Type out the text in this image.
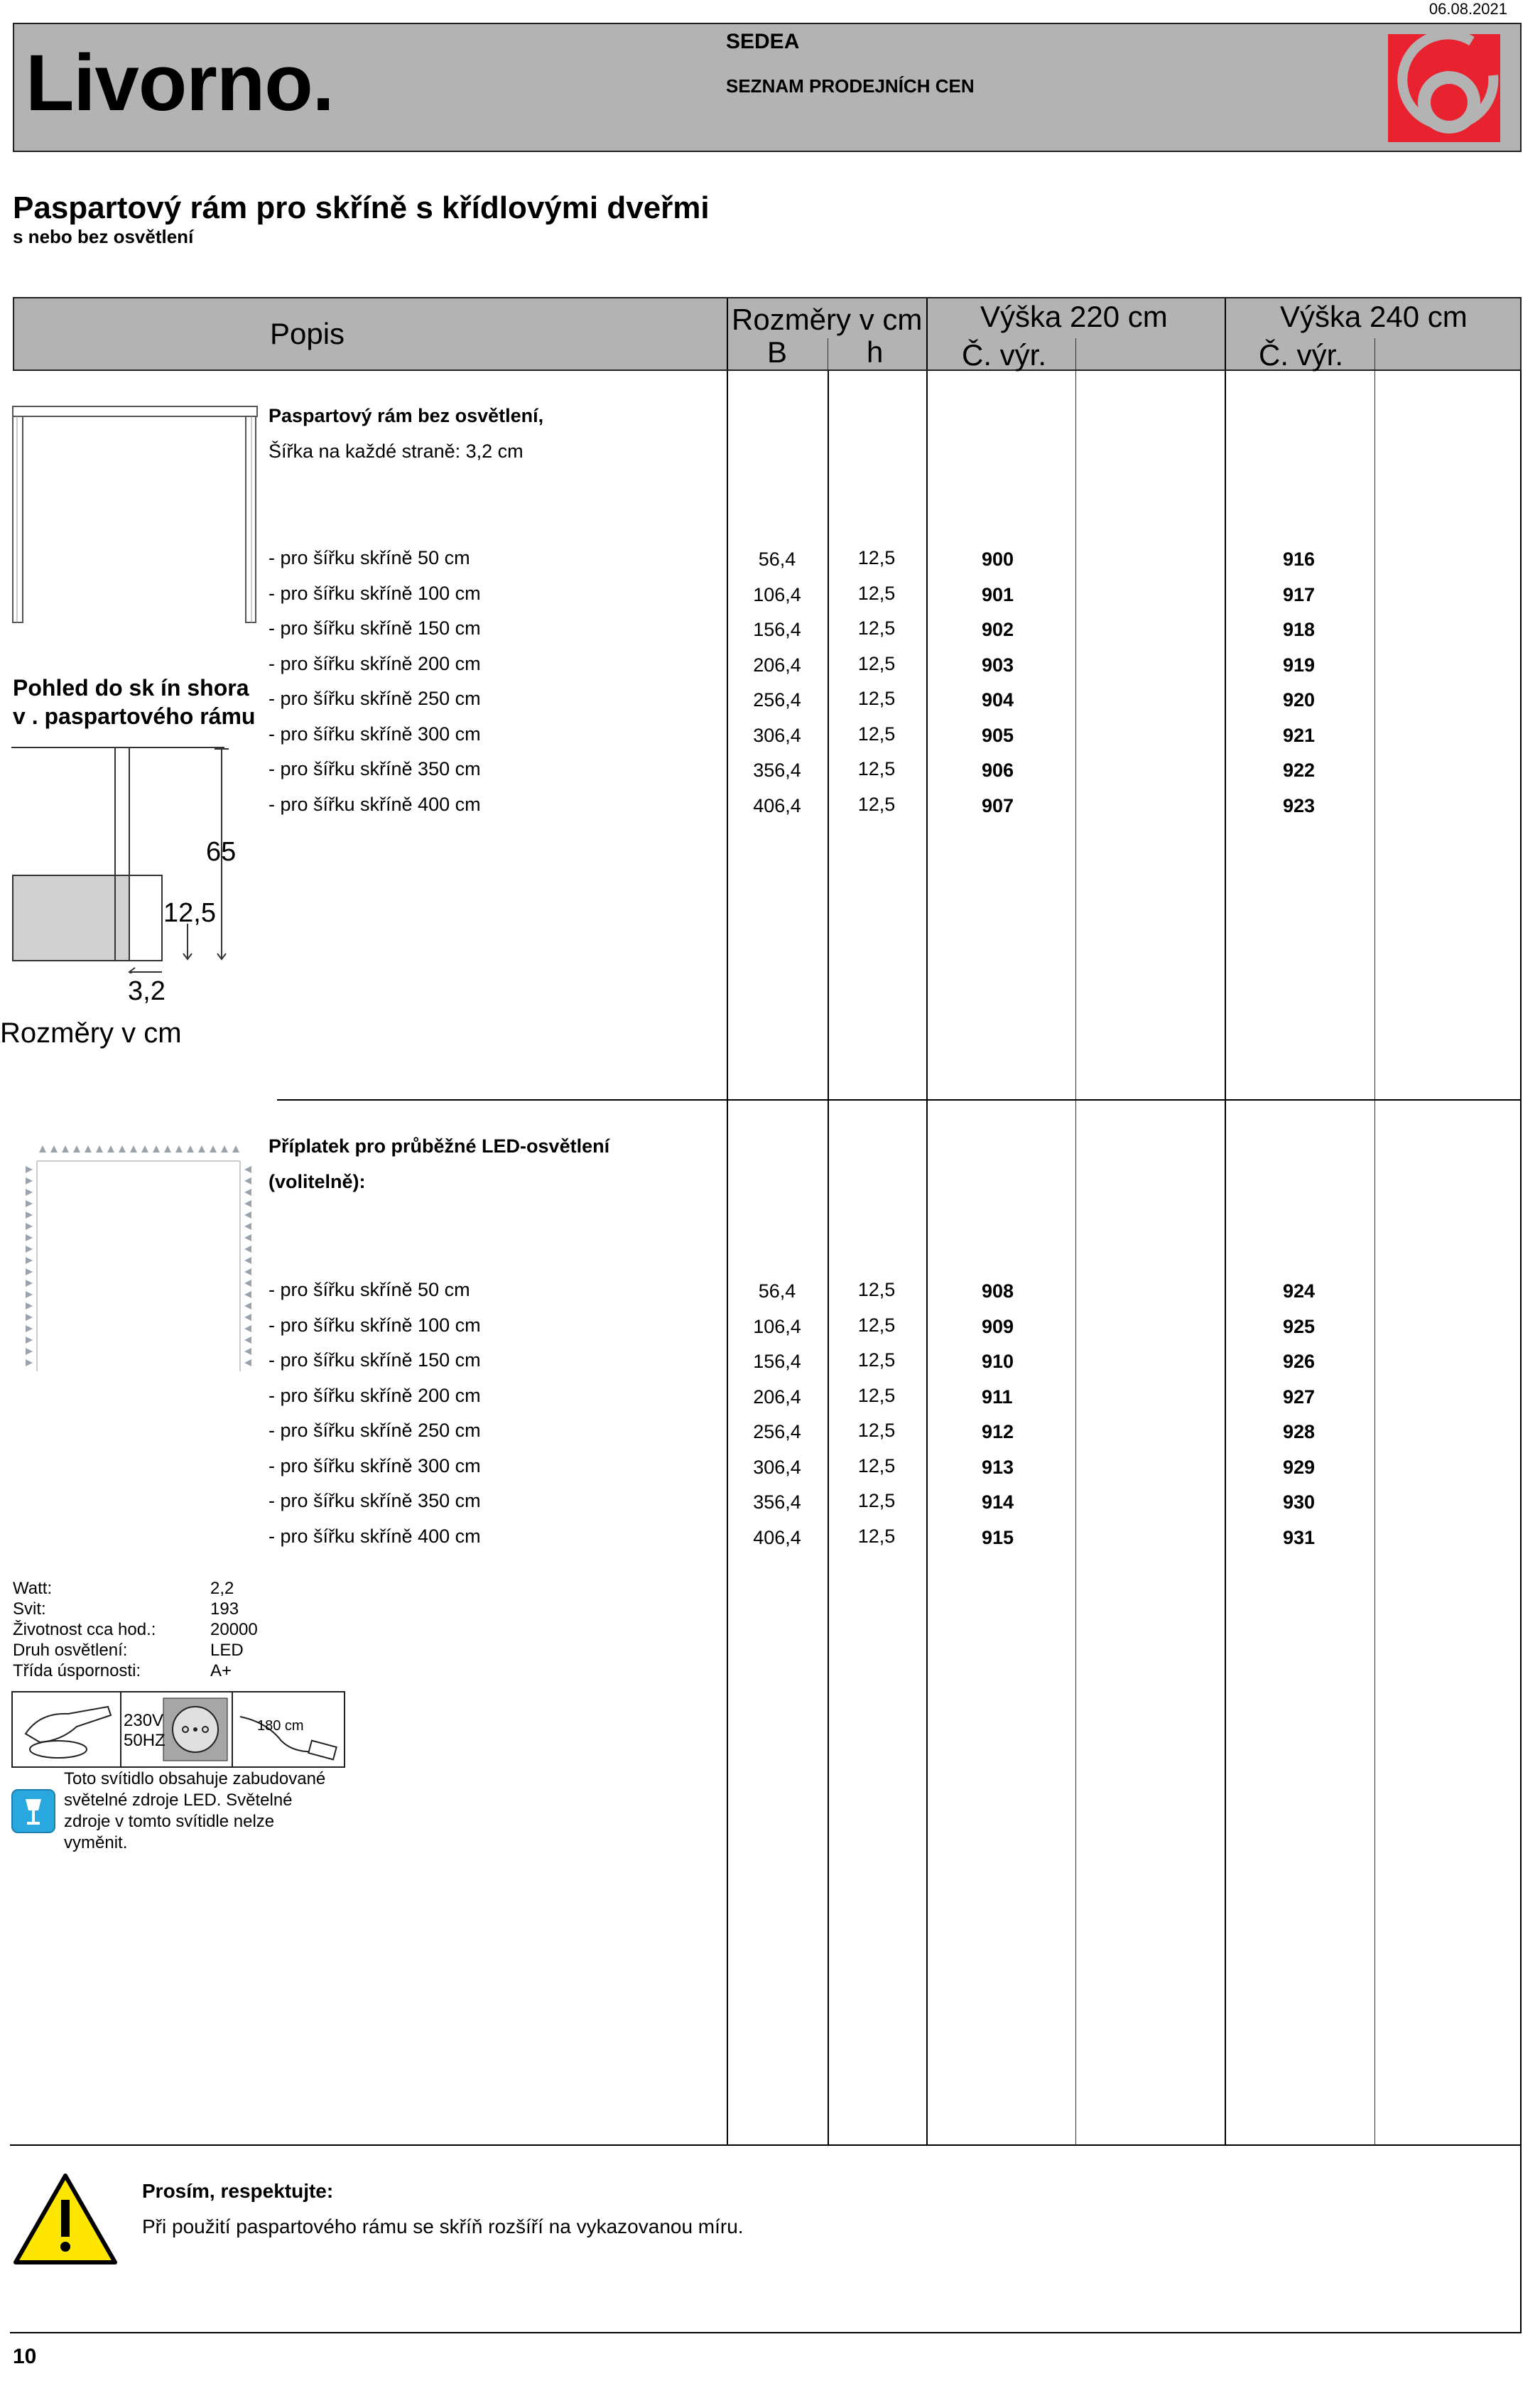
06.08.2021
Livorno.	SEDEA
SEZNAM PRODEJNÍCH CEN
Paspartový rám pro skříně s křídlovými dveřmi
s nebo bez osvětlení
Popis	Rozměry v cm
B	h
Výška 220 cm
Č. výr.
Výška 240 cm
Č. výr.
Pohled do sk ín shora
v . paspartového rámu
65
12,5
3,2
Rozměry v cm
Paspartový rám bez osvětlení,
Šířka na každé straně: 3,2 cm
- pro šířku skříně 50 cm	56,4	12,5	900	916
- pro šířku skříně 100 cm	106,4	12,5	901	917
- pro šířku skříně 150 cm	156,4	12,5	902	918
- pro šířku skříně 200 cm	206,4	12,5	903	919
- pro šířku skříně 250 cm	256,4	12,5	904	920
- pro šířku skříně 300 cm	306,4	12,5	905	921
- pro šířku skříně 350 cm	356,4	12,5	906	922
- pro šířku skříně 400 cm	406,4	12,5	907	923
Příplatek pro průběžné LED-osvětlení
(volitelně):
- pro šířku skříně 50 cm	56,4	12,5	908	924
- pro šířku skříně 100 cm	106,4	12,5	909	925
- pro šířku skříně 150 cm	156,4	12,5	910	926
- pro šířku skříně 200 cm	206,4	12,5	911	927
- pro šířku skříně 250 cm	256,4	12,5	912	928
- pro šířku skříně 300 cm	306,4	12,5	913	929
- pro šířku skříně 350 cm	356,4	12,5	914	930
- pro šířku skříně 400 cm	406,4	12,5	915	931
Watt:	2,2
Svit:	193
Životnost cca hod.:	20000
Druh osvětlení:	LED
Třída úspornosti:	A+
230V
50HZ
180 cm
Toto svítidlo obsahuje zabudované
světelné zdroje LED. Světelné
zdroje v tomto svítidle nelze
vyměnit.
Prosím, respektujte:
Při použití paspartového rámu se skříň rozšíří na vykazovanou míru.
10
